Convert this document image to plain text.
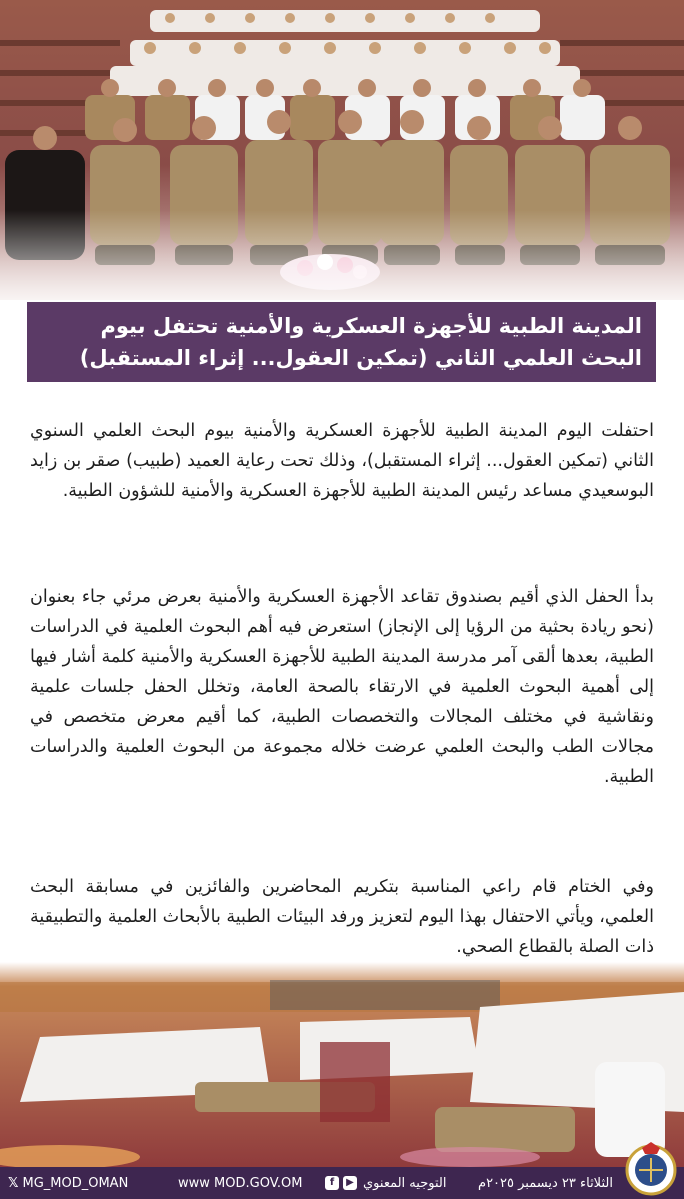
المدينة الطبية للأجهزة العسكرية والأمنية تحتفل بيوم
البحث العلمي الثاني (تمكين العقول... إثراء المستقبل)

احتفلت اليوم المدينة الطبية للأجهزة العسكرية والأمنية بيوم البحث العلمي السنوي الثاني (تمكين العقول... إثراء المستقبل)، وذلك تحت رعاية العميد (طبيب) صقر بن زايد البوسعيدي مساعد رئيس المدينة الطبية للأجهزة العسكرية والأمنية للشؤون الطبية.

بدأ الحفل الذي أقيم بصندوق تقاعد الأجهزة العسكرية والأمنية بعرض مرئي جاء بعنوان (نحو ريادة بحثية من الرؤيا إلى الإنجاز) استعرض فيه أهم البحوث العلمية في الدراسات الطبية، بعدها ألقى آمر مدرسة المدينة الطبية للأجهزة العسكرية والأمنية كلمة أشار فيها إلى أهمية البحوث العلمية في الارتقاء بالصحة العامة، وتخلل الحفل جلسات علمية ونقاشية في مختلف المجالات والتخصصات الطبية، كما أقيم معرض متخصص في مجالات الطب والبحث العلمي عرضت خلاله مجموعة من البحوث العلمية والدراسات الطبية.

وفي الختام قام راعي المناسبة بتكريم المحاضرين والفائزين في مسابقة البحث العلمي، ويأتي الاحتفال بهذا اليوم لتعزيز ورفد البيئات الطبية بالأبحاث العلمية والتطبيقية ذات الصلة بالقطاع الصحي.

𝕏 MG_MOD_OMAN	www MOD.GOV.OM	التوجيه المعنوي
▶
f	الثلاثاء ٢٣ ديسمبر ٢٠٢٥م
